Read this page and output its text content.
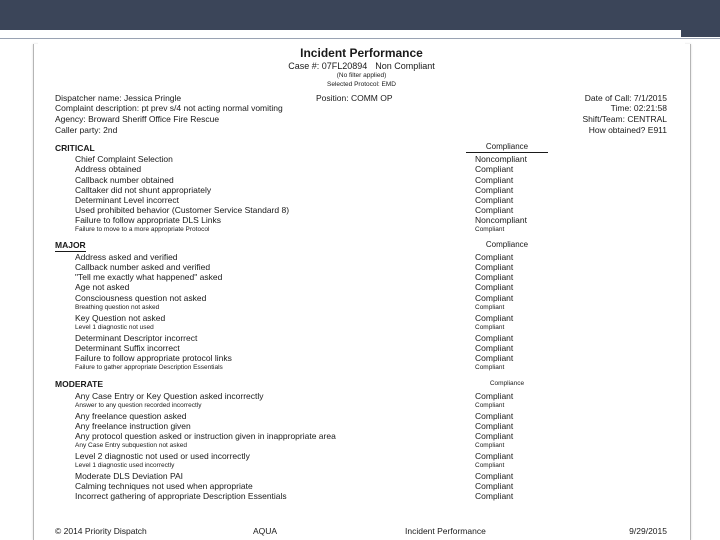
Incident Performance
Case #: 07FL20894 Non Compliant
(No filter applied)
Selected Protocol: EMD
Dispatcher name: Jessica Pringle	Position: COMM OP	Date of Call: 7/1/2015
Complaint description: pt prev s/4 not acting normal vomiting	Time: 02:21:58
Agency: Broward Sheriff Office Fire Rescue	Shift/Team: CENTRAL
Caller party: 2nd	How obtained? E911
CRITICAL	Compliance
Chief Complaint Selection	Noncompliant
Address obtained	Compliant
Callback number obtained	Compliant
Calltaker did not shunt appropriately	Compliant
Determinant Level incorrect	Compliant
Used prohibited behavior (Customer Service Standard 8)	Compliant
Failure to follow appropriate DLS Links	Noncompliant
Failure to move to a more appropriate Protocol	Compliant
MAJOR	Compliance
Address asked and verified	Compliant
Callback number asked and verified	Compliant
"Tell me exactly what happened" asked	Compliant
Age not asked	Compliant
Consciousness question not asked	Compliant
Breathing question not asked	Compliant
Key Question not asked	Compliant
Level 1 diagnostic not used	Compliant
Determinant Descriptor incorrect	Compliant
Determinant Suffix incorrect	Compliant
Failure to follow appropriate protocol links	Compliant
Failure to gather appropriate Description Essentials	Compliant
MODERATE	Compliance
Any Case Entry or Key Question asked incorrectly	Compliant
Answer to any question recorded incorrectly	Compliant
Any freelance question asked	Compliant
Any freelance instruction given	Compliant
Any protocol question asked or instruction given in inappropriate area	Compliant
Any Case Entry subquestion not asked	Compliant
Level 2 diagnostic not used or used incorrectly	Compliant
Level 1 diagnostic used incorrectly	Compliant
Moderate DLS Deviation PAI	Compliant
Calming techniques not used when appropriate	Compliant
Incorrect gathering of appropriate Description Essentials	Compliant
© 2014 Priority Dispatch	AQUA	Incident Performance	9/29/2015
